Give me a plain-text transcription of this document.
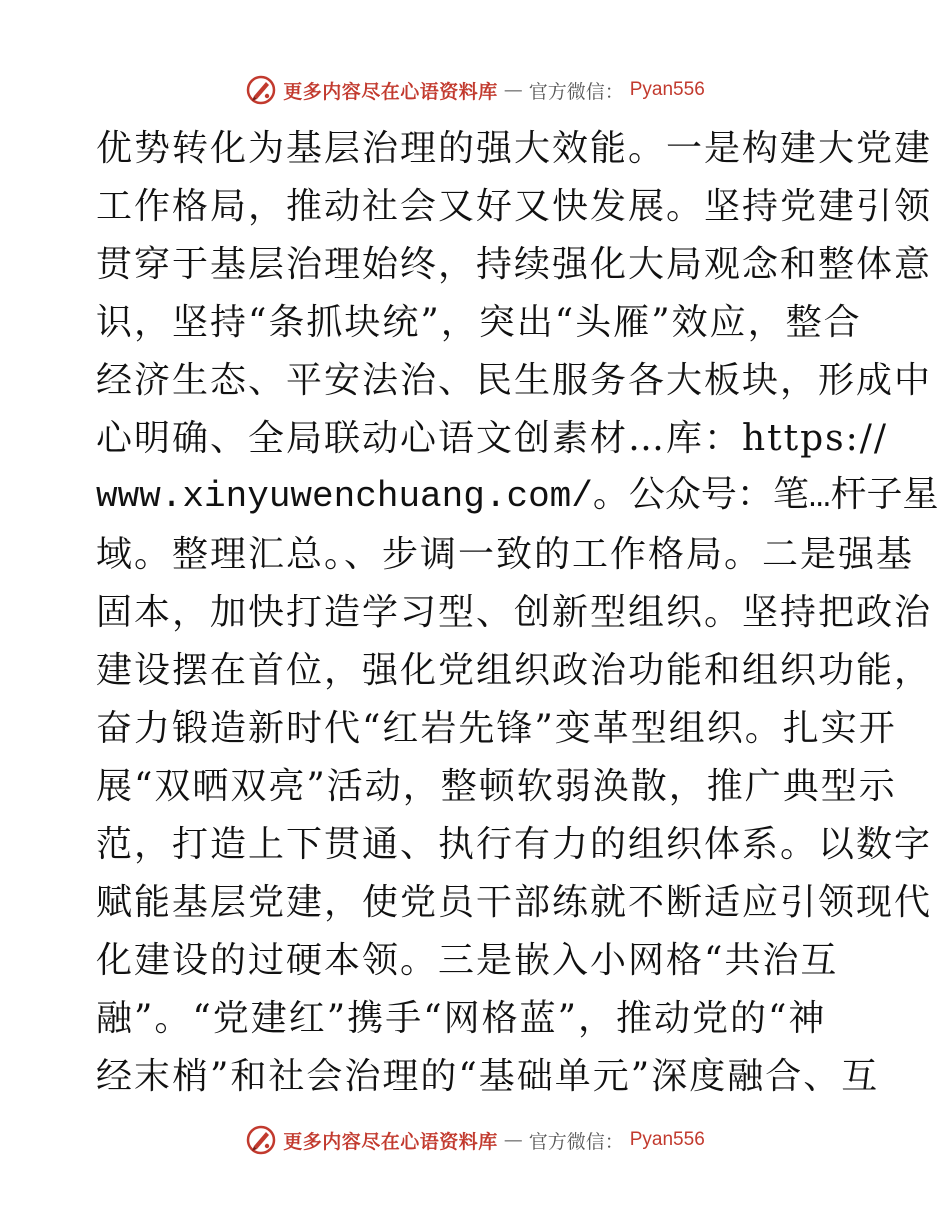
更多内容尽在心语资料库 — 官方微信： Pyan556
优势转化为基层治理的强大效能。一是构建大党建
工作格局，推动社会又好又快发展。坚持党建引领
贯穿于基层治理始终，持续强化大局观念和整体意
识，坚持“条抓块统”，突出“头雁”效应，整合
经济生态、平安法治、民生服务各大板块，形成中
心明确、全局联动心语文创素材…库：https://
www.xinyuwenchuang.com/。公众号：笔…杆子星
域。整理汇总。、步调一致的工作格局。二是强基
固本，加快打造学习型、创新型组织。坚持把政治
建设摆在首位，强化党组织政治功能和组织功能，
奋力锻造新时代“红岩先锋”变革型组织。扎实开
展“双晒双亮”活动，整顿软弱涣散，推广典型示
范，打造上下贯通、执行有力的组织体系。以数字
赋能基层党建，使党员干部练就不断适应引领现代
化建设的过硬本领。三是嵌入小网格“共治互
融”。“党建红”携手“网格蓝”，推动党的“神
经末梢”和社会治理的“基础单元”深度融合、互
更多内容尽在心语资料库 — 官方微信： Pyan556
